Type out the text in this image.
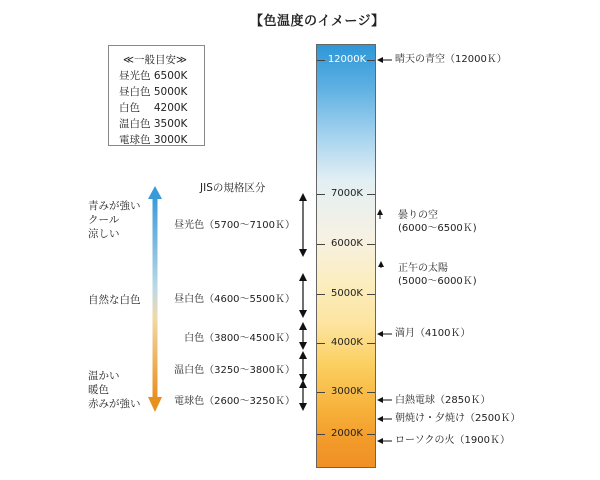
【色温度のイメージ】
≪一般目安≫
昼光色 6500K
昼白色 5000K
白色　 4200K
温白色 3500K
電球色 3000K
JISの規格区分
青みが強い
クール
涼しい
自然な白色
温かい
暖色
赤みが強い
昼光色（5700〜7100Ｋ）
昼白色（4600〜5500Ｋ）
白色（3800〜4500Ｋ）
温白色（3250〜3800Ｋ）
電球色（2600〜3250Ｋ）
12000K
7000K
6000K
5000K
4000K
3000K
2000K
晴天の青空（12000Ｋ）
曇りの空
(6000〜6500Ｋ)
正午の太陽
(5000〜6000Ｋ)
満月（4100Ｋ）
白熱電球（2850Ｋ）
朝焼け・夕焼け（2500Ｋ）
ローソクの火（1900Ｋ）
